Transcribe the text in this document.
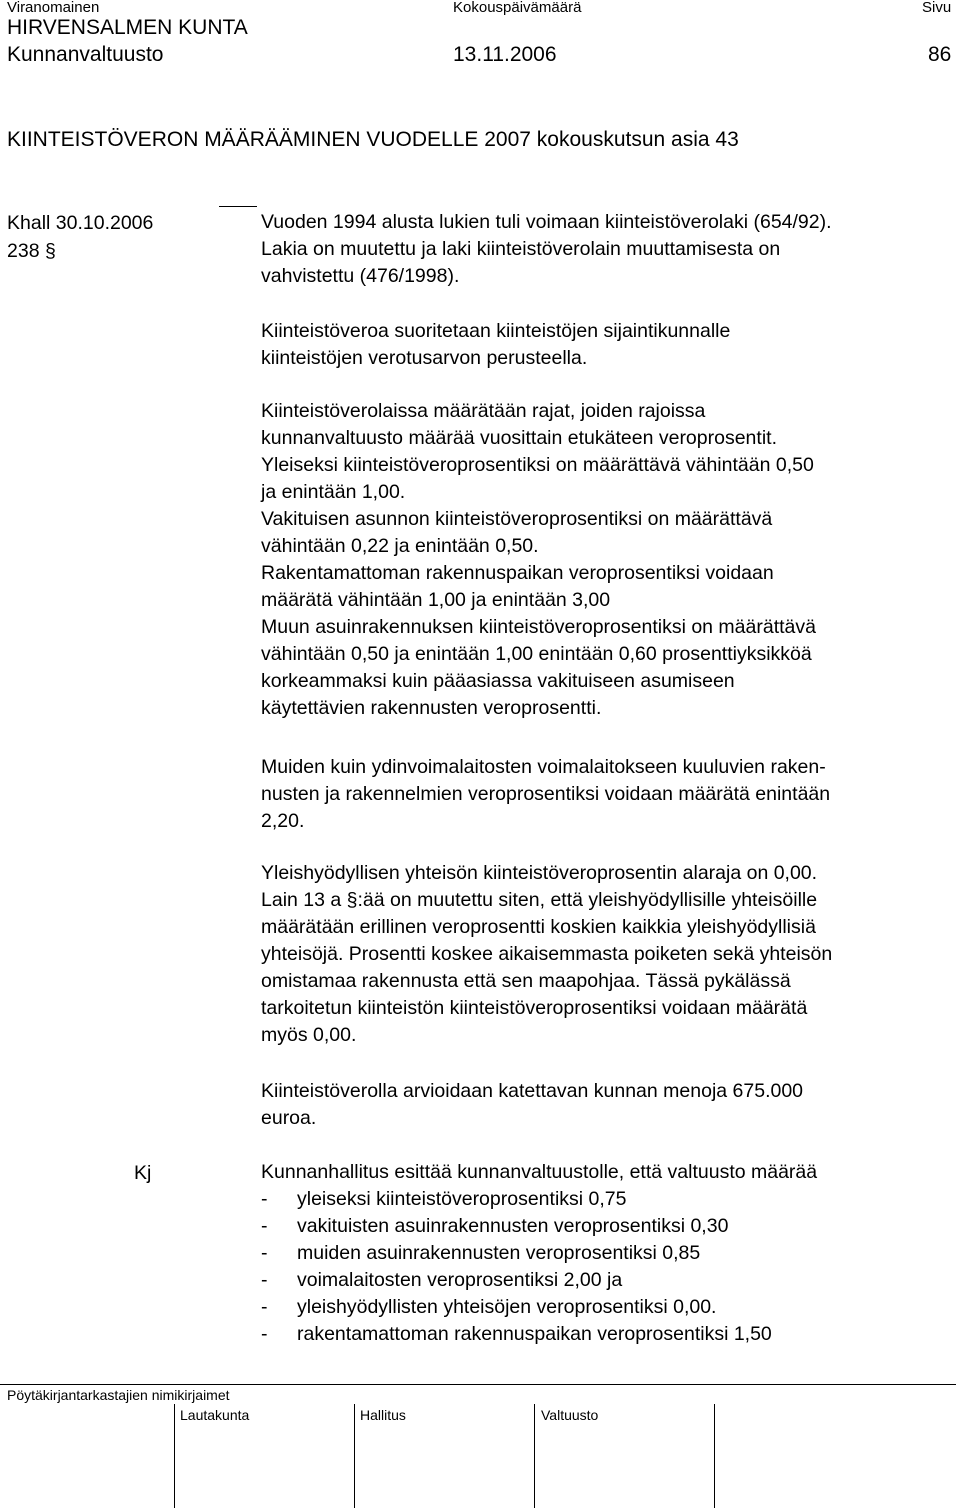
Viranomainen	Kokouspäivämäärä	Sivu
HIRVENSALMEN KUNTA
Kunnanvaltuusto	13.11.2006	86
KIINTEISTÖVERON MÄÄRÄÄMINEN VUODELLE 2007 kokouskutsun asia 43
Khall 30.10.2006
238 §
Kj
Vuoden 1994 alusta lukien tuli voimaan kiinteistöverolaki (654/92).
Lakia on muutettu ja laki kiinteistöverolain muuttamisesta on
vahvistettu (476/1998).
Kiinteistöveroa suoritetaan kiinteistöjen sijaintikunnalle
kiinteistöjen verotusarvon perusteella.
Kiinteistöverolaissa määrätään rajat, joiden rajoissa
kunnanvaltuusto määrää vuosittain etukäteen veroprosentit.
Yleiseksi kiinteistöveroprosentiksi on määrättävä vähintään 0,50
ja enintään 1,00.
Vakituisen asunnon kiinteistöveroprosentiksi on määrättävä
vähintään 0,22 ja enintään 0,50.
Rakentamattoman rakennuspaikan veroprosentiksi voidaan
määrätä vähintään 1,00 ja enintään 3,00
Muun asuinrakennuksen kiinteistöveroprosentiksi on määrättävä
vähintään 0,50 ja enintään 1,00 enintään 0,60 prosenttiyksikköä
korkeammaksi kuin pääasiassa vakituiseen asumiseen
käytettävien rakennusten veroprosentti.
Muiden kuin ydinvoimalaitosten voimalaitokseen kuuluvien raken-
nusten ja rakennelmien veroprosentiksi voidaan määrätä enintään
2,20.
Yleishyödyllisen yhteisön kiinteistöveroprosentin alaraja on 0,00.
Lain 13 a §:ää on muutettu siten, että yleishyödyllisille yhteisöille
määrätään erillinen veroprosentti koskien kaikkia yleishyödyllisiä
yhteisöjä. Prosentti koskee aikaisemmasta poiketen sekä yhteisön
omistamaa rakennusta että sen maapohjaa. Tässä pykälässä
tarkoitetun kiinteistön kiinteistöveroprosentiksi voidaan määrätä
myös 0,00.
Kiinteistöverolla arvioidaan katettavan kunnan menoja 675.000
euroa.
Kunnanhallitus esittää kunnanvaltuustolle, että valtuusto määrää
- yleiseksi kiinteistöveroprosentiksi 0,75
- vakituisten asuinrakennusten veroprosentiksi 0,30
- muiden asuinrakennusten veroprosentiksi 0,85
- voimalaitosten veroprosentiksi 2,00 ja
- yleishyödyllisten yhteisöjen veroprosentiksi 0,00.
- rakentamattoman rakennuspaikan veroprosentiksi 1,50
Pöytäkirjantarkastajien nimikirjaimet
Lautakunta	Hallitus	Valtuusto
